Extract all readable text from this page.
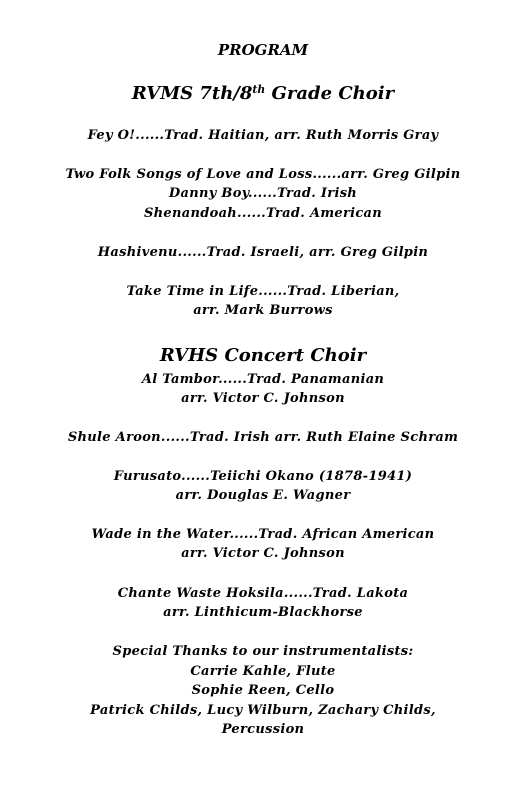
PROGRAM
RVMS 7th/8th Grade Choir
Fey O!......Trad. Haitian, arr. Ruth Morris Gray
Two Folk Songs of Love and Loss......arr. Greg Gilpin
Danny Boy......Trad. Irish
Shenandoah......Trad. American
Hashivenu......Trad. Israeli, arr. Greg Gilpin
Take Time in Life......Trad. Liberian,
arr. Mark Burrows
RVHS Concert Choir
Al Tambor......Trad. Panamanian
arr. Victor C. Johnson
Shule Aroon......Trad. Irish arr. Ruth Elaine Schram
Furusato......Teiichi Okano (1878-1941)
arr. Douglas E. Wagner
Wade in the Water......Trad. African American
arr. Victor C. Johnson
Chante Waste Hoksila......Trad. Lakota
arr. Linthicum-Blackhorse
Special Thanks to our instrumentalists:
Carrie Kahle, Flute
Sophie Reen, Cello
Patrick Childs, Lucy Wilburn, Zachary Childs,
Percussion
